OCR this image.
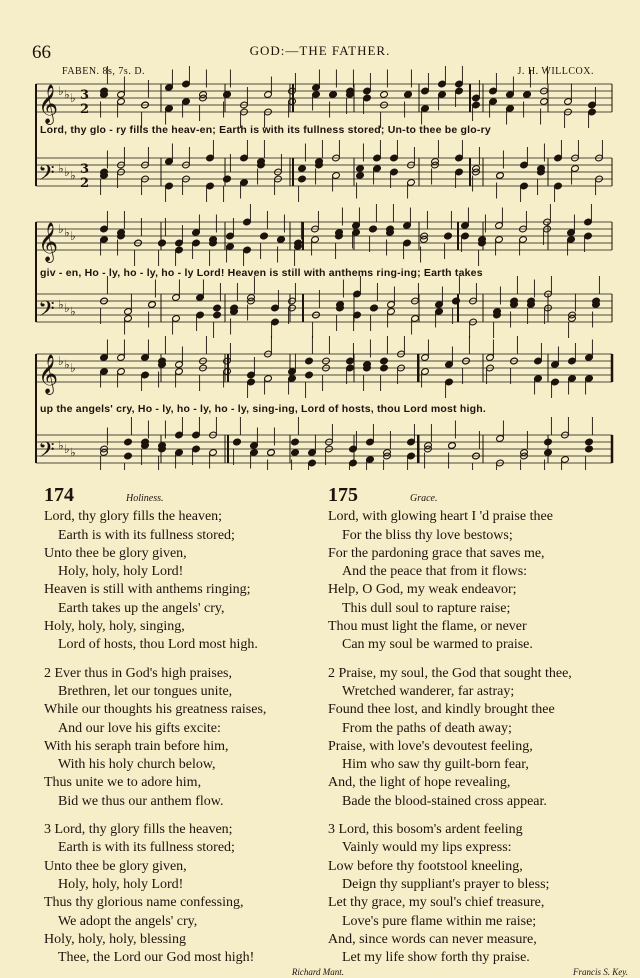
66	GOD:—THE FATHER.
FABEN. 8s, 7s. D.	J. H. WILLCOX.
𝄞 ♭ ♭ ♭ 3
2
𝄢 ♭ ♭ ♭ 3
2
𝄞 ♭ ♭ ♭
𝄢 ♭ ♭ ♭
𝄞 ♭ ♭ ♭
𝄢 ♭ ♭ ♭
Lord, thy glo - ry fills the heav-en; Earth is with its fullness stored; Un-to thee be glo-ry
giv - en, Ho - ly, ho - ly, ho - ly Lord! Heaven is still with anthems ring-ing; Earth takes
up the angels' cry, Ho - ly, ho - ly, ho - ly, sing-ing, Lord of hosts, thou Lord most high.
174	Holiness.
Lord, thy glory fills the heaven;
Earth is with its fullness stored;
Unto thee be glory given,
Holy, holy, holy Lord!
Heaven is still with anthems ringing;
Earth takes up the angels' cry,
Holy, holy, holy, singing,
Lord of hosts, thou Lord most high.
2 Ever thus in God's high praises,
Brethren, let our tongues unite,
While our thoughts his greatness raises,
And our love his gifts excite:
With his seraph train before him,
With his holy church below,
Thus unite we to adore him,
Bid we thus our anthem flow.
3 Lord, thy glory fills the heaven;
Earth is with its fullness stored;
Unto thee be glory given,
Holy, holy, holy Lord!
Thus thy glorious name confessing,
We adopt the angels' cry,
Holy, holy, holy, blessing
Thee, the Lord our God most high!
Richard Mant.
175	Grace.
Lord, with glowing heart I 'd praise thee
For the bliss thy love bestows;
For the pardoning grace that saves me,
And the peace that from it flows:
Help, O God, my weak endeavor;
This dull soul to rapture raise;
Thou must light the flame, or never
Can my soul be warmed to praise.
2 Praise, my soul, the God that sought thee,
Wretched wanderer, far astray;
Found thee lost, and kindly brought thee
From the paths of death away;
Praise, with love's devoutest feeling,
Him who saw thy guilt-born fear,
And, the light of hope revealing,
Bade the blood-stained cross appear.
3 Lord, this bosom's ardent feeling
Vainly would my lips express:
Low before thy footstool kneeling,
Deign thy suppliant's prayer to bless;
Let thy grace, my soul's chief treasure,
Love's pure flame within me raise;
And, since words can never measure,
Let my life show forth thy praise.
Francis S. Key.
